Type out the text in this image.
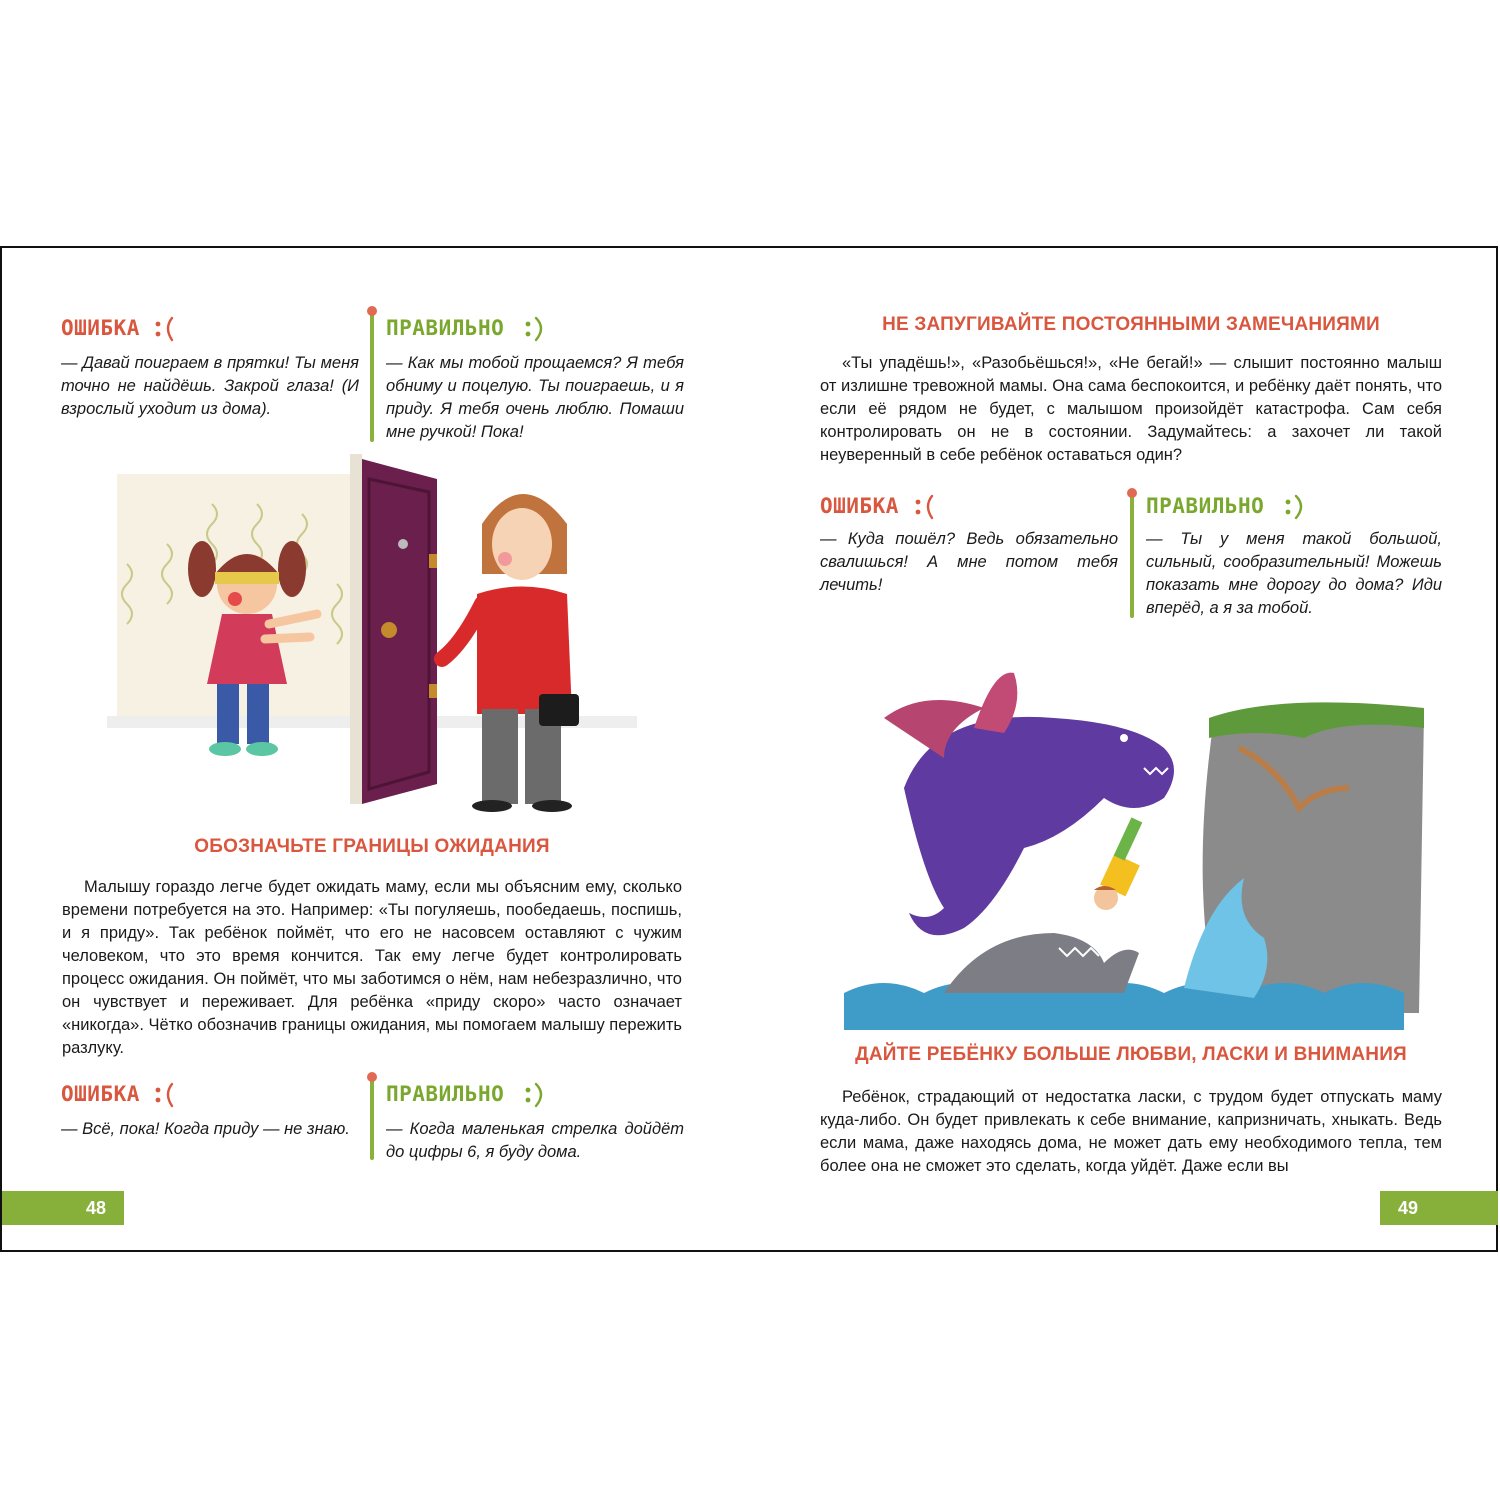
ОШИБКА

— Давай поиграем в прятки! Ты меня точно не найдёшь. Закрой глаза! (И взрослый уходит из дома).

ПРАВИЛЬНО

— Как мы тобой прощаемся? Я тебя обниму и поцелую. Ты поиграешь, и я приду. Я тебя очень люблю. Помаши мне ручкой! Пока!

ОБОЗНАЧЬТЕ ГРАНИЦЫ ОЖИДАНИЯ

Малышу гораздо легче будет ожидать маму, если мы объясним ему, сколько времени потребуется на это. Например: «Ты погуляешь, пообедаешь, поспишь, и я приду». Так ребёнок поймёт, что его не насовсем оставляют с чужим человеком, что это время кончится. Так ему легче будет контролировать процесс ожидания. Он поймёт, что мы заботимся о нём, нам небезразлично, что он чувствует и переживает. Для ребёнка «приду скоро» часто означает «никогда». Чётко обозначив границы ожидания, мы помогаем малышу пережить разлуку.

ОШИБКА

— Всё, пока! Когда приду — не знаю.

ПРАВИЛЬНО

— Когда маленькая стрелка дойдёт до цифры 6, я буду дома.

48
НЕ ЗАПУГИВАЙТЕ ПОСТОЯННЫМИ ЗАМЕЧАНИЯМИ

«Ты упадёшь!», «Разобьёшься!», «Не бегай!» — слышит постоянно малыш от излишне тревожной мамы. Она сама беспокоится, и ребёнку даёт понять, что если её рядом не будет, с малышом произойдёт катастрофа. Сам себя контролировать он не в состоянии. Задумайтесь: а захочет ли такой неуверенный в себе ребёнок оставаться один?

ОШИБКА

— Куда пошёл? Ведь обязательно свалишься! А мне потом тебя лечить!

ПРАВИЛЬНО

— Ты у меня такой большой, сильный, сообразительный! Можешь показать мне дорогу до дома? Иди вперёд, а я за тобой.

ДАЙТЕ РЕБЁНКУ БОЛЬШЕ ЛЮБВИ, ЛАСКИ И ВНИМАНИЯ

Ребёнок, страдающий от недостатка ласки, с трудом будет отпускать маму куда-либо. Он будет привлекать к себе внимание, капризничать, хныкать. Ведь если мама, даже находясь дома, не может дать ему необходимого тепла, тем более она не сможет это сделать, когда уйдёт. Даже если вы

49
